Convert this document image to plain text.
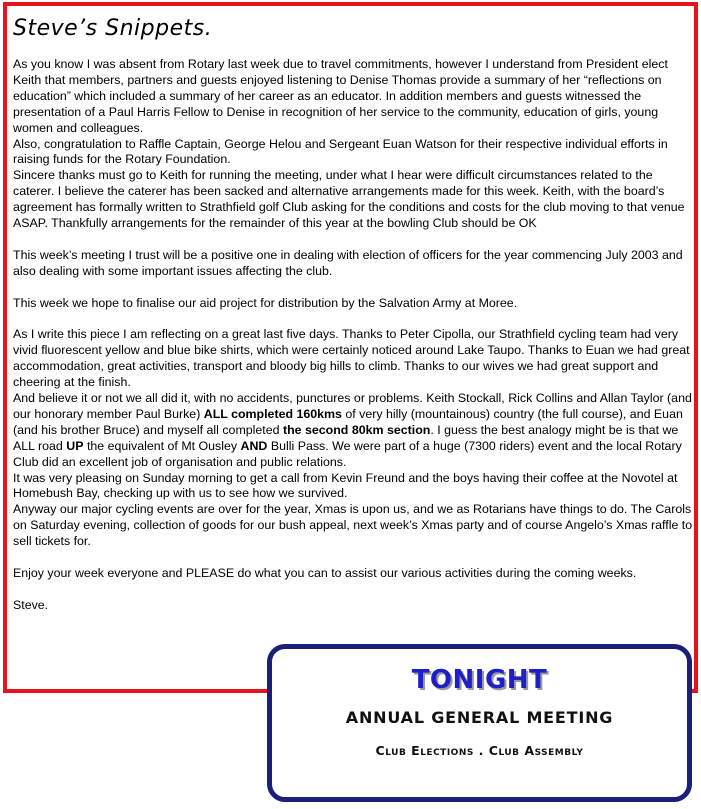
Steve’s Snippets.

As you know I was absent from Rotary last week due to travel commitments, however I understand from President elect Keith that members, partners and guests enjoyed listening to Denise Thomas provide a summary of her “reflections on education” which included a summary of her career as an educator. In addition members and guests witnessed the presentation of a Paul Harris Fellow to Denise in recognition of her service to the community, education of girls, young women and colleagues.

Also, congratulation to Raffle Captain, George Helou and Sergeant Euan Watson for their respective individual efforts in raising funds for the Rotary Foundation.

Sincere thanks must go to Keith for running the meeting, under what I hear were difficult circumstances related to the caterer. I believe the caterer has been sacked and alternative arrangements made for this week. Keith, with the board’s agreement has formally written to Strathfield golf Club asking for the conditions and costs for the club moving to that venue ASAP. Thankfully arrangements for the remainder of this year at the bowling Club should be OK

This week’s meeting I trust will be a positive one in dealing with election of officers for the year commencing July 2003 and also dealing with some important issues affecting the club.

This week we hope to finalise our aid project for distribution by the Salvation Army at Moree.

As I write this piece I am reflecting on a great last five days. Thanks to Peter Cipolla, our Strathfield cycling team had very vivid fluorescent yellow and blue bike shirts, which were certainly noticed around Lake Taupo. Thanks to Euan we had great accommodation, great activities, transport and bloody big hills to climb. Thanks to our wives we had great support and cheering at the finish.

And believe it or not we all did it, with no accidents, punctures or problems. Keith Stockall, Rick Collins and Allan Taylor (and our honorary member Paul Burke) ALL completed 160kms of very hilly (mountainous) country (the full course), and Euan (and his brother Bruce) and myself all completed the second 80km section. I guess the best analogy might be is that we ALL road UP the equivalent of Mt Ousley AND Bulli Pass. We were part of a huge (7300 riders) event and the local Rotary Club did an excellent job of organisation and public relations.

It was very pleasing on Sunday morning to get a call from Kevin Freund and the boys having their coffee at the Novotel at Homebush Bay, checking up with us to see how we survived.

Anyway our major cycling events are over for the year, Xmas is upon us, and we as Rotarians have things to do. The Carols on Saturday evening, collection of goods for our bush appeal, next week’s Xmas party and of course Angelo’s Xmas raffle to sell tickets for.

Enjoy your week everyone and PLEASE do what you can to assist our various activities during the coming weeks.

Steve.

TONIGHT
ANNUAL GENERAL MEETING
Club Elections . Club Assembly
